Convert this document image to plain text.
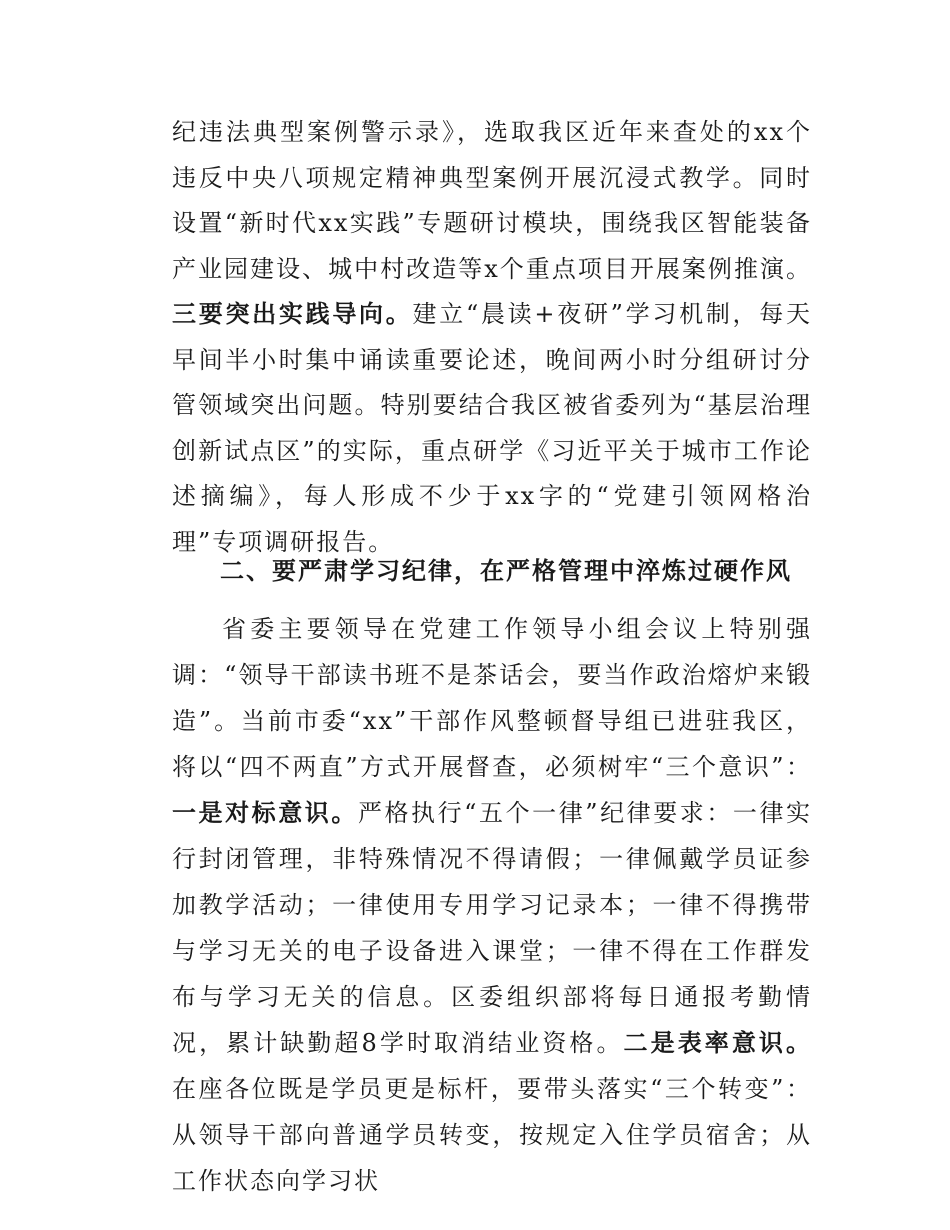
纪违法典型案例警示录》，选取我区近年来查处的xx个违反中央八项规定精神典型案例开展沉浸式教学。同时设置“新时代xx实践”专题研讨模块，围绕我区智能装备产业园建设、城中村改造等x个重点项目开展案例推演。三要突出实践导向。建立“晨读+夜研”学习机制，每天早间半小时集中诵读重要论述，晚间两小时分组研讨分管领域突出问题。特别要结合我区被省委列为“基层治理创新试点区”的实际，重点研学《习近平关于城市工作论述摘编》，每人形成不少于xx字的“党建引领网格治理”专项调研报告。
二、要严肃学习纪律，在严格管理中淬炼过硬作风
省委主要领导在党建工作领导小组会议上特别强调：“领导干部读书班不是茶话会，要当作政治熔炉来锻造”。当前市委“xx”干部作风整顿督导组已进驻我区，将以“四不两直”方式开展督查，必须树牢“三个意识”：一是对标意识。严格执行“五个一律”纪律要求：一律实行封闭管理，非特殊情况不得请假；一律佩戴学员证参加教学活动；一律使用专用学习记录本；一律不得携带与学习无关的电子设备进入课堂；一律不得在工作群发布与学习无关的信息。区委组织部将每日通报考勤情况，累计缺勤超8学时取消结业资格。二是表率意识。在座各位既是学员更是标杆，要带头落实“三个转变”：从领导干部向普通学员转变，按规定入住学员宿舍；从工作状态向学习状
